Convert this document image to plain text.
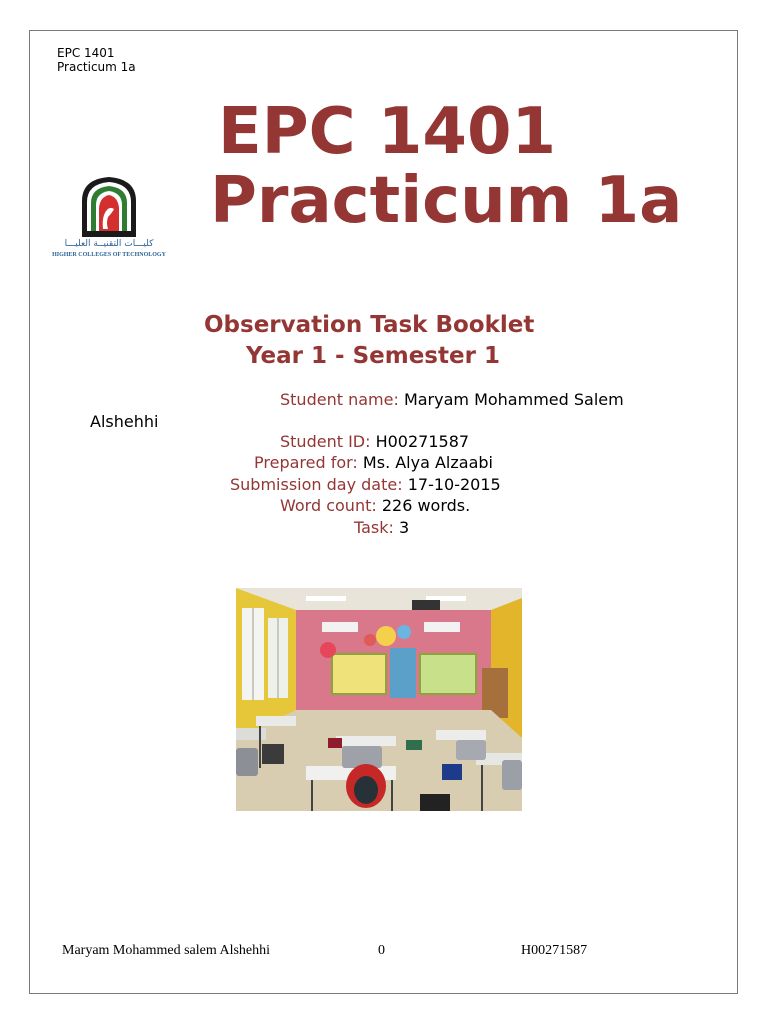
EPC 1401
Practicum 1a
EPC 1401
Practicum 1a
كليـــات التقنيــة العليـــا
HIGHER COLLEGES OF TECHNOLOGY
Observation Task Booklet
Year 1 - Semester 1
Student name: Maryam Mohammed Salem
Alshehhi
Student ID: H00271587
Prepared for: Ms. Alya Alzaabi
Submission day date: 17-10-2015
Word count: 226 words.
Task: 3
Maryam Mohammed salem Alshehhi	0	H00271587
